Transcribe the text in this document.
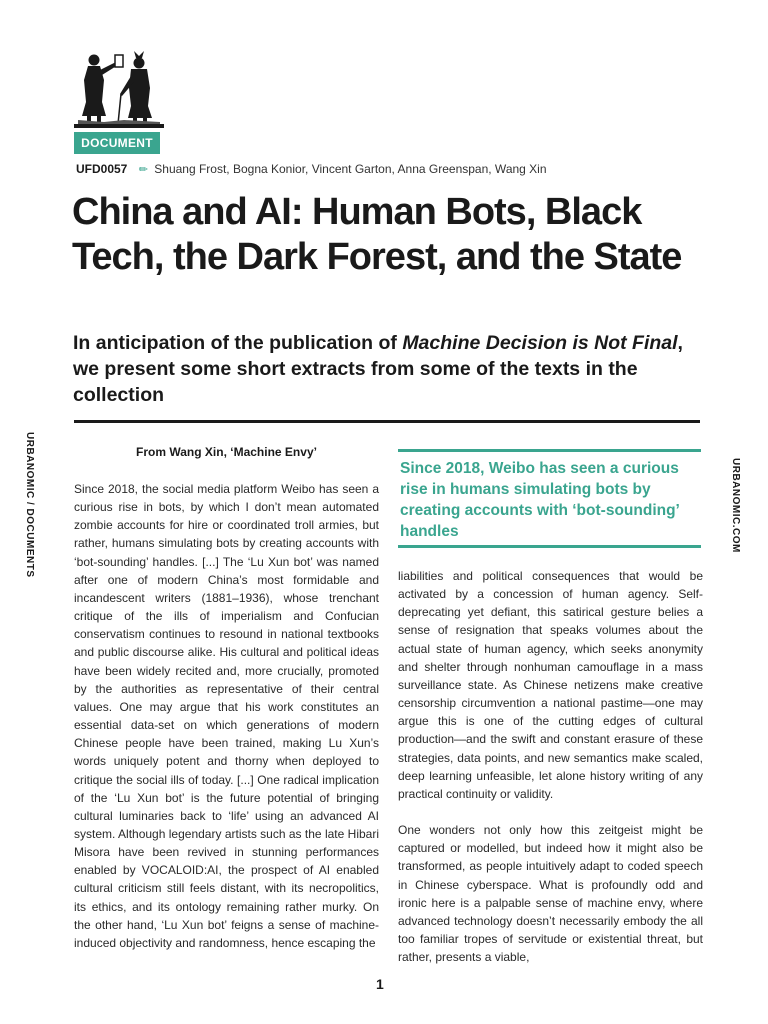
DOCUMENT
UFD0057 ✏ Shuang Frost, Bogna Konior, Vincent Garton, Anna Greenspan, Wang Xin
China and AI: Human Bots, Black Tech, the Dark Forest, and the State

In anticipation of the publication of Machine Decision is Not Final, we present some short extracts from some of the texts in the collection

URBANOMIC / DOCUMENTS	URBANOMIC.COM
From Wang Xin, ‘Machine Envy’

Since 2018, the social media platform Weibo has seen a curious rise in bots, by which I don’t mean automated zombie accounts for hire or coordinated troll armies, but rather, humans simulating bots by creating accounts with ‘bot-sounding’ handles. [...] The ‘Lu Xun bot’ was named after one of modern China’s most formidable and incandescent writers (1881–1936), whose trenchant critique of the ills of imperialism and Confucian conservatism continues to resound in national textbooks and public discourse alike. His cultural and political ideas have been widely recited and, more crucially, promoted by the authorities as representative of their central values. One may argue that his work constitutes an essential data-set on which generations of modern Chinese people have been trained, making Lu Xun’s words uniquely potent and thorny when deployed to critique the social ills of today. [...] One radical implication of the ‘Lu Xun bot’ is the future potential of bringing cultural luminaries back to ‘life’ using an advanced AI system. Although legendary artists such as the late Hibari Misora have been revived in stunning performances enabled by VOCALOID:AI, the prospect of AI enabled cultural criticism still feels distant, with its necropolitics, its ethics, and its ontology remaining rather murky. On the other hand, ‘Lu Xun bot’ feigns a sense of machine-induced objectivity and randomness, hence escaping the

Since 2018, Weibo has seen a curious rise in humans simulating bots by creating accounts with ‘bot-sounding’ handles

liabilities and political consequences that would be activated by a concession of human agency. Self-deprecating yet defiant, this satirical gesture belies a sense of resignation that speaks volumes about the actual state of human agency, which seeks anonymity and shelter through nonhuman camouflage in a mass surveillance state. As Chinese netizens make creative censorship circumvention a national pastime—one may argue this is one of the cutting edges of cultural production—and the swift and constant erasure of these strategies, data points, and new semantics make scaled, deep learning unfeasible, let alone history writing of any practical continuity or validity.

One wonders not only how this zeitgeist might be captured or modelled, but indeed how it might also be transformed, as people intuitively adapt to coded speech in Chinese cyberspace. What is profoundly odd and ironic here is a palpable sense of machine envy, where advanced technology doesn’t necessarily embody the all too familiar tropes of servitude or existential threat, but rather, presents a viable,

1
